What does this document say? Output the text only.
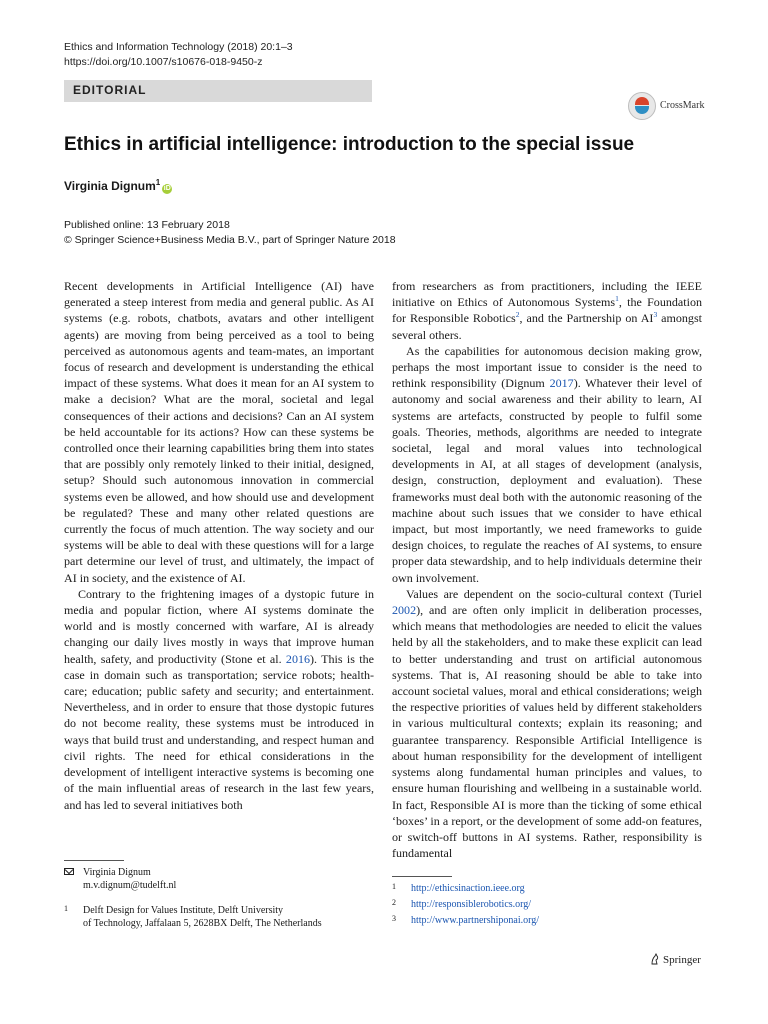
Ethics and Information Technology (2018) 20:1–3
https://doi.org/10.1007/s10676-018-9450-z
EDITORIAL
CrossMark
Ethics in artificial intelligence: introduction to the special issue
Virginia Dignum$^1$iD
Published online: 13 February 2018
© Springer Science+Business Media B.V., part of Springer Nature 2018

Recent developments in Artificial Intelligence (AI) have generated a steep interest from media and general public. As AI systems (e.g. robots, chatbots, avatars and other intelligent agents) are moving from being perceived as a tool to being perceived as autonomous agents and team-mates, an important focus of research and development is understanding the ethical impact of these systems. What does it mean for an AI system to make a decision? What are the moral, societal and legal consequences of their actions and decisions? Can an AI system be held accountable for its actions? How can these systems be controlled once their learning capabilities bring them into states that are possibly only remotely linked to their initial, designed, setup? Should such autonomous innovation in commercial systems even be allowed, and how should use and development be regulated? These and many other related questions are currently the focus of much attention. The way society and our systems will be able to deal with these questions will for a large part determine our level of trust, and ultimately, the impact of AI in society, and the existence of AI.

Contrary to the frightening images of a dystopic future in media and popular fiction, where AI systems dominate the world and is mostly concerned with warfare, AI is already changing our daily lives mostly in ways that improve human health, safety, and productivity (Stone et al. 2016). This is the case in domain such as transportation; service robots; health-care; education; public safety and security; and entertainment. Nevertheless, and in order to ensure that those dystopic futures do not become reality, these systems must be introduced in ways that build trust and understanding, and respect human and civil rights. The need for ethical considerations in the development of intelligent interactive systems is becoming one of the main influential areas of research in the last few years, and has led to several initiatives both

from researchers as from practitioners, including the IEEE initiative on Ethics of Autonomous Systems$^1$, the Foundation for Responsible Robotics$^2$, and the Partnership on AI$^3$ amongst several others.

As the capabilities for autonomous decision making grow, perhaps the most important issue to consider is the need to rethink responsibility (Dignum 2017). Whatever their level of autonomy and social awareness and their ability to learn, AI systems are artefacts, constructed by people to fulfil some goals. Theories, methods, algorithms are needed to integrate societal, legal and moral values into technological developments in AI, at all stages of development (analysis, design, construction, deployment and evaluation). These frameworks must deal both with the autonomic reasoning of the machine about such issues that we consider to have ethical impact, but most importantly, we need frameworks to guide design choices, to regulate the reaches of AI systems, to ensure proper data stewardship, and to help individuals determine their own involvement.

Values are dependent on the socio-cultural context (Turiel 2002), and are often only implicit in deliberation processes, which means that methodologies are needed to elicit the values held by all the stakeholders, and to make these explicit can lead to better understanding and trust on artificial autonomous systems. That is, AI reasoning should be able to take into account societal values, moral and ethical considerations; weigh the respective priorities of values held by different stakeholders in various multicultural contexts; explain its reasoning; and guarantee transparency. Responsible Artificial Intelligence is about human responsibility for the development of intelligent systems along fundamental human principles and values, to ensure human flourishing and wellbeing in a sustainable world. In fact, Responsible AI is more than the ticking of some ethical ‘boxes’ in a report, or the development of some add-on features, or switch-off buttons in AI systems. Rather, responsibility is fundamental

Virginia Dignum
m.v.dignum@tudelft.nl
1 Delft Design for Values Institute, Delft University
of Technology, Jaffalaan 5, 2628BX Delft, The Netherlands
1 http://ethicsinaction.ieee.org
2 http://responsiblerobotics.org/
3 http://www.partnershiponai.org/
Springer
